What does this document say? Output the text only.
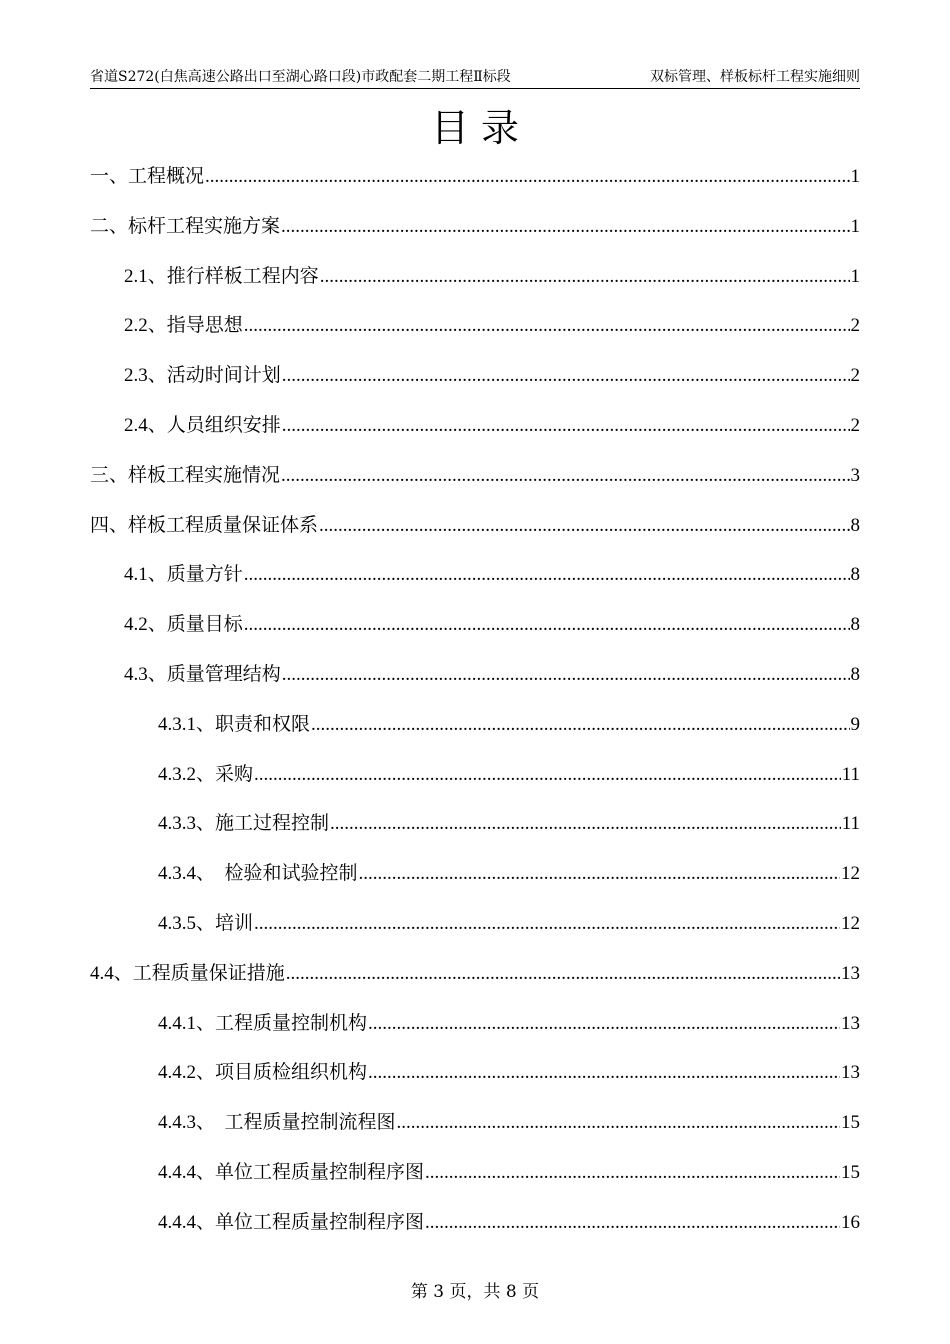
省道S272(白焦高速公路出口至湖心路口段)市政配套二期工程Ⅱ标段	双标管理、样板标杆工程实施细则
目 录
一、工程概况 .....	1
二、标杆工程实施方案 .....	1
2.1、推行样板工程内容 .....	1
2.2、指导思想 .....	2
2.3、活动时间计划 .....	2
2.4、人员组织安排 .....	2
三、样板工程实施情况 .....	3
四、样板工程质量保证体系 .....	8
4.1、质量方针 .....	8
4.2、质量目标 .....	8
4.3、质量管理结构 .....	8
4.3.1、职责和权限 .....	9
4.3.2、采购 .....	11
4.3.3、施工过程控制 .....	11
4.3.4、  检验和试验控制 .....	12
4.3.5、培训 .....	12
4.4、工程质量保证措施 .....	13
4.4.1、工程质量控制机构 .....	13
4.4.2、项目质检组织机构 .....	13
4.4.3、  工程质量控制流程图 .....	15
4.4.4、单位工程质量控制程序图 .....	15
4.4.4、单位工程质量控制程序图 .....	16
第 3 页，共 8 页
